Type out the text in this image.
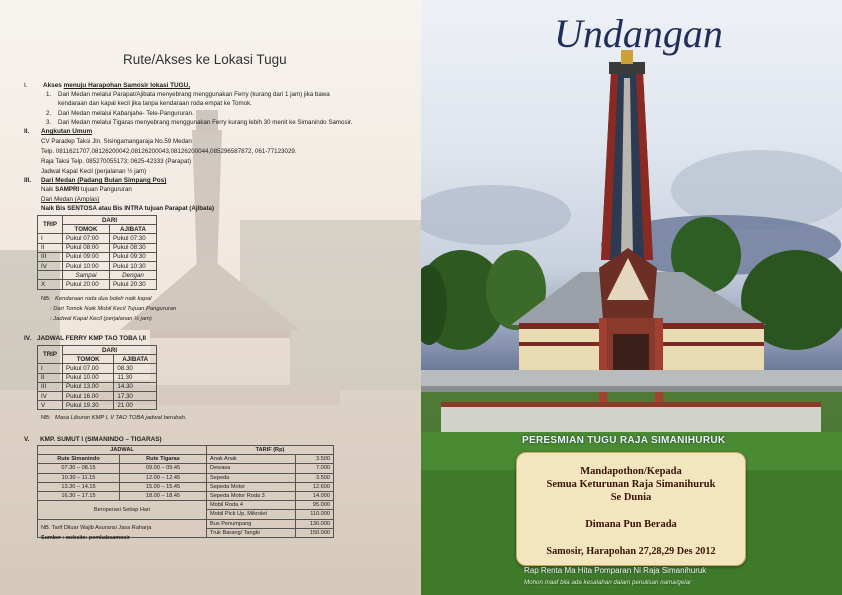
Rute/Akses ke Lokasi Tugu
I. Akses menuju Harapohan Samosir lokasi TUGU,
1. Dari Medan melalui Parapat/Ajibata menyebrang menggunakan Ferry (kurang dari 1 jam) jika bawa
kendaraan dan kapal kecil jika tanpa kendaraan roda empat ke Tomok.
2. Dari Medan melalui Kabanjahe- Tele-Pangururan.
3. Dari Medan melalui Tigaras menyebrang menggunakan Ferry kurang lebih 30 menit ke Simanindo Samosir.
II. Angkutan Umum
CV Paradep Taksi Jln. Sisingamangaraja No.59 Medan
Telp. 0811621707,08126200042,08126200043,08126200044,085296587872, 061-77123029.
Raja Taksi Telp. 085270055173; 0625-42333 (Parapat)
Jadwal Kapal Kecil (perjalanan ½ jam)
III. Dari Medan (Padang Bulan Simpang Pos)
Naik SAMPRI tujuan Pangururan
Dari Medan (Amplas)
Naik Bis SENTOSA atau Bis INTRA tujuan Parapat (Ajibata)
TRIP	DARI	
	TOMOK	AJIBATA
I	Pukul 07:00	Pukul 07:30
II	Pukul 08:00	Pukul 08:30
III	Pukul 09:00	Pukul 09:30
IV	Pukul 10:00	Pukul 10:30
	Sampai	Dengan
X	Pukul 20:00	Pukul 20:30
NB: Kendaraan roda dua boleh naik kapal
: Dari Tomok Naik Mobil Kecil Tujuan Pangururan
: Jadwal Kapal Kecil (perjalanan ½ jam)
IV. JADWAL FERRY KMP TAO TOBA I,II
TRIP	DARI	
	TOMOK	AJIBATA
I	Pukul 07.00	08.30
II	Pukul 10.00	11.30
III	Pukul 13.00	14.30
IV	Pukul 16.00	17.30
V	Pukul 19.30	21.00
NB: Masa Liburan KMP I, II TAO TOBA jadwal berubah.
V. KMP. SUMUT I (SIMANINDO – TIGARAS)
JADWAL		TARIF (Rp)	
Rute Simanindo	Rute Tigaras	Anak Anak	3.500
07.30 – 08.15	09.00 – 09.45	Dewasa	7.000
10.30 – 11.15	12.00 – 12.45	Sepeda	3.500
13.30 – 14.15	15.00 – 15.45	Sepeda Motor	12.600
16.30 – 17.15	18.00 – 18.45	Sepeda Motor Roda 3	14.000
Beroperasi Setiap Hari		Mobil Roda 4	95.000
		Mobil Pick Up, Mikrolet	110.000
NB. Tarif Diluar Wajib Asuransi Jasa Raharja		Bus Penumpang	130.000
		Truk Barang/ Tangki	150.000
Sumber : website: pemkabsamosir
Undangan
PERESMIAN TUGU RAJA SIMANIHURUK
Mandapothon/Kepada
Semua Keturunan Raja Simanihuruk
Se Dunia
Dimana Pun Berada
Samosir, Harapohan 27,28,29 Des 2012
Rap Renta Ma Hita Pomparan Ni Raja Simanihuruk
Mohon maaf bila ada kesalahan dalam penulisan nama/gelar
